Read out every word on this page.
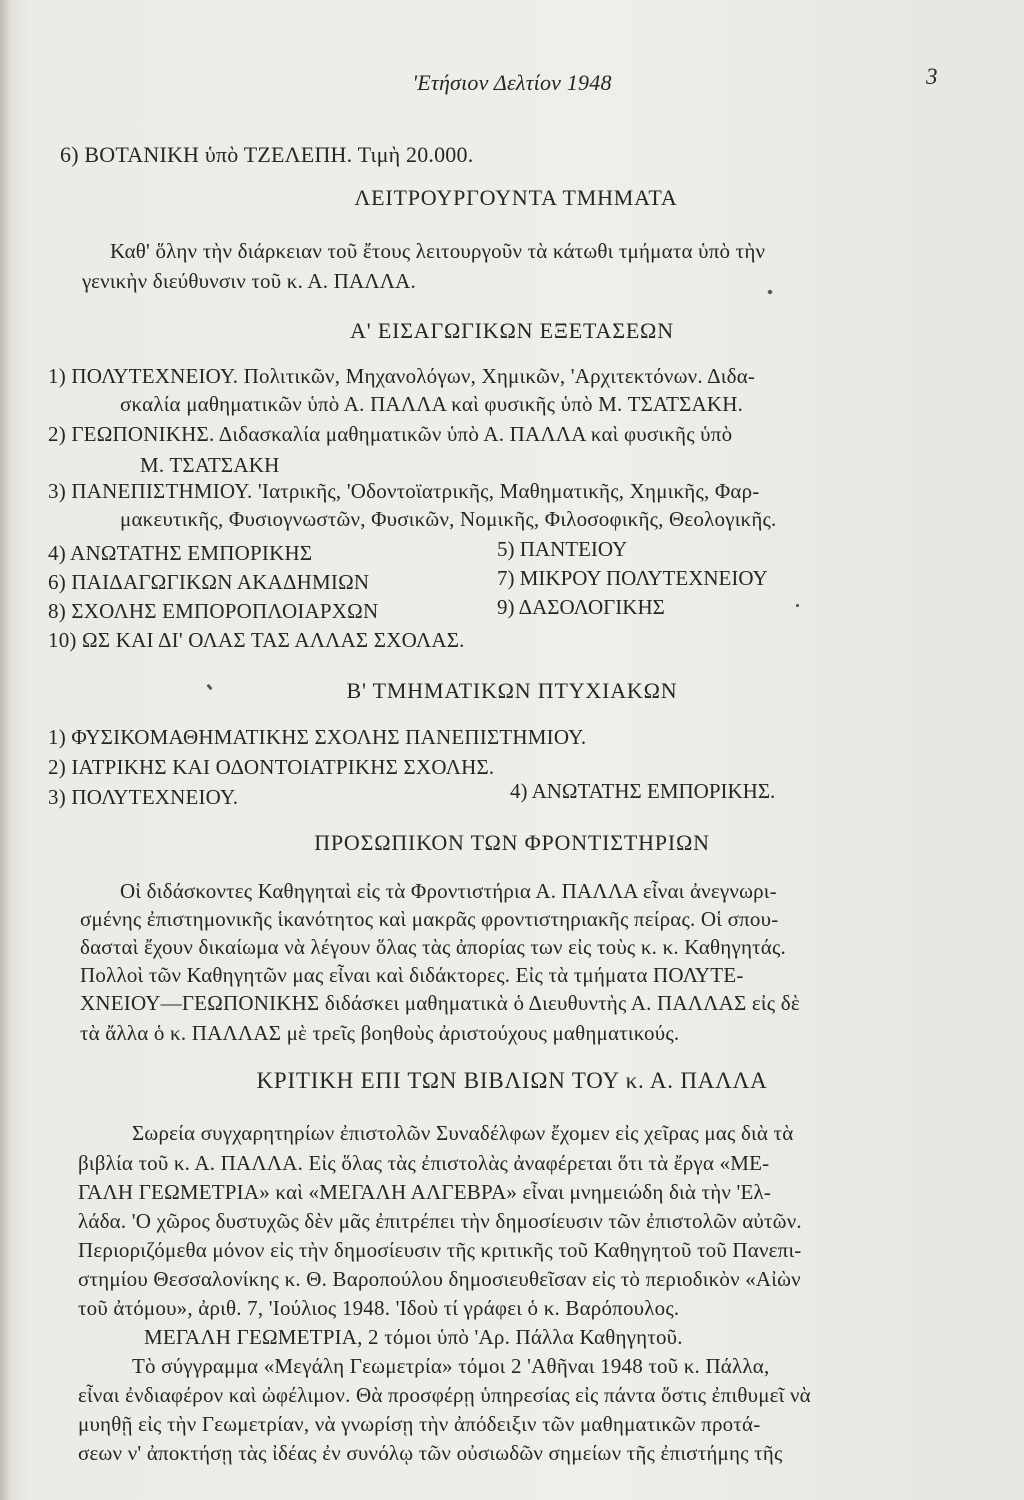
'Ετήσιον Δελτίον 1948	3
6) ΒΟΤΑΝΙΚΗ ὑπὸ ΤΖΕΛΕΠΗ. Τιμὴ 20.000.
ΛΕΙΤΡΟΥΡΓΟΥΝΤΑ ΤΜΗΜΑΤΑ
Καθ' ὅλην τὴν διάρκειαν τοῦ ἔτους λειτουργοῦν τὰ κάτωθι τμήματα ὑπὸ τὴν
γενικὴν διεύθυνσιν τοῦ κ. Α. ΠΑΛΛΑ.
Α' ΕΙΣΑΓΩΓΙΚΩΝ ΕΞΕΤΑΣΕΩΝ
1) ΠΟΛΥΤΕΧΝΕΙΟΥ. Πολιτικῶν, Μηχανολόγων, Χημικῶν, 'Αρχιτεκτόνων. Διδα-
σκαλία μαθηματικῶν ὑπὸ Α. ΠΑΛΛΑ καὶ φυσικῆς ὑπὸ Μ. ΤΣΑΤΣΑΚΗ.
2) ΓΕΩΠΟΝΙΚΗΣ. Διδασκαλία μαθηματικῶν ὑπὸ Α. ΠΑΛΛΑ καὶ φυσικῆς ὑπὸ
Μ. ΤΣΑΤΣΑΚΗ
3) ΠΑΝΕΠΙΣΤΗΜΙΟΥ. 'Ιατρικῆς, 'Οδοντοϊατρικῆς, Μαθηματικῆς, Χημικῆς, Φαρ-
μακευτικῆς, Φυσιογνωστῶν, Φυσικῶν, Νομικῆς, Φιλοσοφικῆς, Θεολογικῆς.
4) ΑΝΩΤΑΤΗΣ ΕΜΠΟΡΙΚΗΣ	5) ΠΑΝΤΕΙΟΥ
6) ΠΑΙΔΑΓΩΓΙΚΩΝ ΑΚΑΔΗΜΙΩΝ	7) ΜΙΚΡΟΥ ΠΟΛΥΤΕΧΝΕΙΟΥ
8) ΣΧΟΛΗΣ ΕΜΠΟΡΟΠΛΟΙΑΡΧΩΝ	9) ΔΑΣΟΛΟΓΙΚΗΣ
10) ΩΣ ΚΑΙ ΔΙ' ΟΛΑΣ ΤΑΣ ΑΛΛΑΣ ΣΧΟΛΑΣ.
Β' ΤΜΗΜΑΤΙΚΩΝ ΠΤΥΧΙΑΚΩΝ
1) ΦΥΣΙΚΟΜΑΘΗΜΑΤΙΚΗΣ ΣΧΟΛΗΣ ΠΑΝΕΠΙΣΤΗΜΙΟΥ.
2) ΙΑΤΡΙΚΗΣ ΚΑΙ ΟΔΟΝΤΟΙΑΤΡΙΚΗΣ ΣΧΟΛΗΣ.
3) ΠΟΛΥΤΕΧΝΕΙΟΥ.	4) ΑΝΩΤΑΤΗΣ ΕΜΠΟΡΙΚΗΣ.
ΠΡΟΣΩΠΙΚΟΝ ΤΩΝ ΦΡΟΝΤΙΣΤΗΡΙΩΝ
Οἱ διδάσκοντες Καθηγηταὶ εἰς τὰ Φροντιστήρια Α. ΠΑΛΛΑ εἶναι ἀνεγνωρι-
σμένης ἐπιστημονικῆς ἱκανότητος καὶ μακρᾶς φροντιστηριακῆς πείρας. Οἱ σπου-
δασταὶ ἔχουν δικαίωμα νὰ λέγουν ὅλας τὰς ἀπορίας των εἰς τοὺς κ. κ. Καθηγητάς.
Πολλοὶ τῶν Καθηγητῶν μας εἶναι καὶ διδάκτορες. Εἰς τὰ τμήματα ΠΟΛΥΤΕ-
ΧΝΕΙΟΥ—ΓΕΩΠΟΝΙΚΗΣ διδάσκει μαθηματικὰ ὁ Διευθυντὴς Α. ΠΑΛΛΑΣ εἰς δὲ
τὰ ἄλλα ὁ κ. ΠΑΛΛΑΣ μὲ τρεῖς βοηθοὺς ἀριστούχους μαθηματικούς.
ΚΡΙΤΙΚΗ ΕΠΙ ΤΩΝ ΒΙΒΛΙΩΝ ΤΟΥ κ. Α. ΠΑΛΛΑ
Σωρεία συγχαρητηρίων ἐπιστολῶν Συναδέλφων ἔχομεν εἰς χεῖρας μας διὰ τὰ
βιβλία τοῦ κ. Α. ΠΑΛΛΑ. Εἰς ὅλας τὰς ἐπιστολὰς ἀναφέρεται ὅτι τὰ ἔργα «ΜΕ-
ΓΑΛΗ ΓΕΩΜΕΤΡΙΑ» καὶ «ΜΕΓΑΛΗ ΑΛΓΕΒΡΑ» εἶναι μνημειώδη διὰ τὴν 'Ελ-
λάδα. 'Ο χῶρος δυστυχῶς δὲν μᾶς ἐπιτρέπει τὴν δημοσίευσιν τῶν ἐπιστολῶν αὐτῶν.
Περιοριζόμεθα μόνον εἰς τὴν δημοσίευσιν τῆς κριτικῆς τοῦ Καθηγητοῦ τοῦ Πανεπι-
στημίου Θεσσαλονίκης κ. Θ. Βαροπούλου δημοσιευθεῖσαν εἰς τὸ περιοδικὸν «Αἰὼν
τοῦ ἀτόμου», ἀριθ. 7, 'Ιούλιος 1948. 'Ιδοὺ τί γράφει ὁ κ. Βαρόπουλος.
ΜΕΓΑΛΗ ΓΕΩΜΕΤΡΙΑ, 2 τόμοι ὑπὸ 'Αρ. Πάλλα Καθηγητοῦ.
Τὸ σύγγραμμα «Μεγάλη Γεωμετρία» τόμοι 2 'Αθῆναι 1948 τοῦ κ. Πάλλα,
εἶναι ἐνδιαφέρον καὶ ὠφέλιμον. Θὰ προσφέρῃ ὑπηρεσίας εἰς πάντα ὅστις ἐπιθυμεῖ νὰ
μυηθῇ εἰς τὴν Γεωμετρίαν, νὰ γνωρίσῃ τὴν ἀπόδειξιν τῶν μαθηματικῶν προτά-
σεων ν' ἀποκτήσῃ τὰς ἰδέας ἐν συνόλῳ τῶν οὐσιωδῶν σημείων τῆς ἐπιστήμης τῆς
